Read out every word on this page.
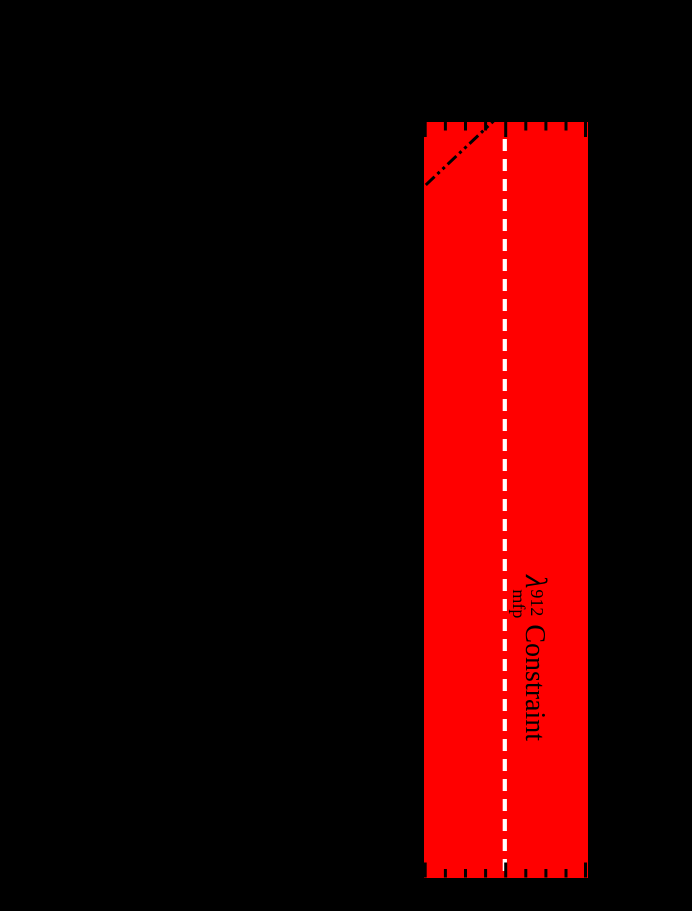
λ
912
mfp
Constraint
